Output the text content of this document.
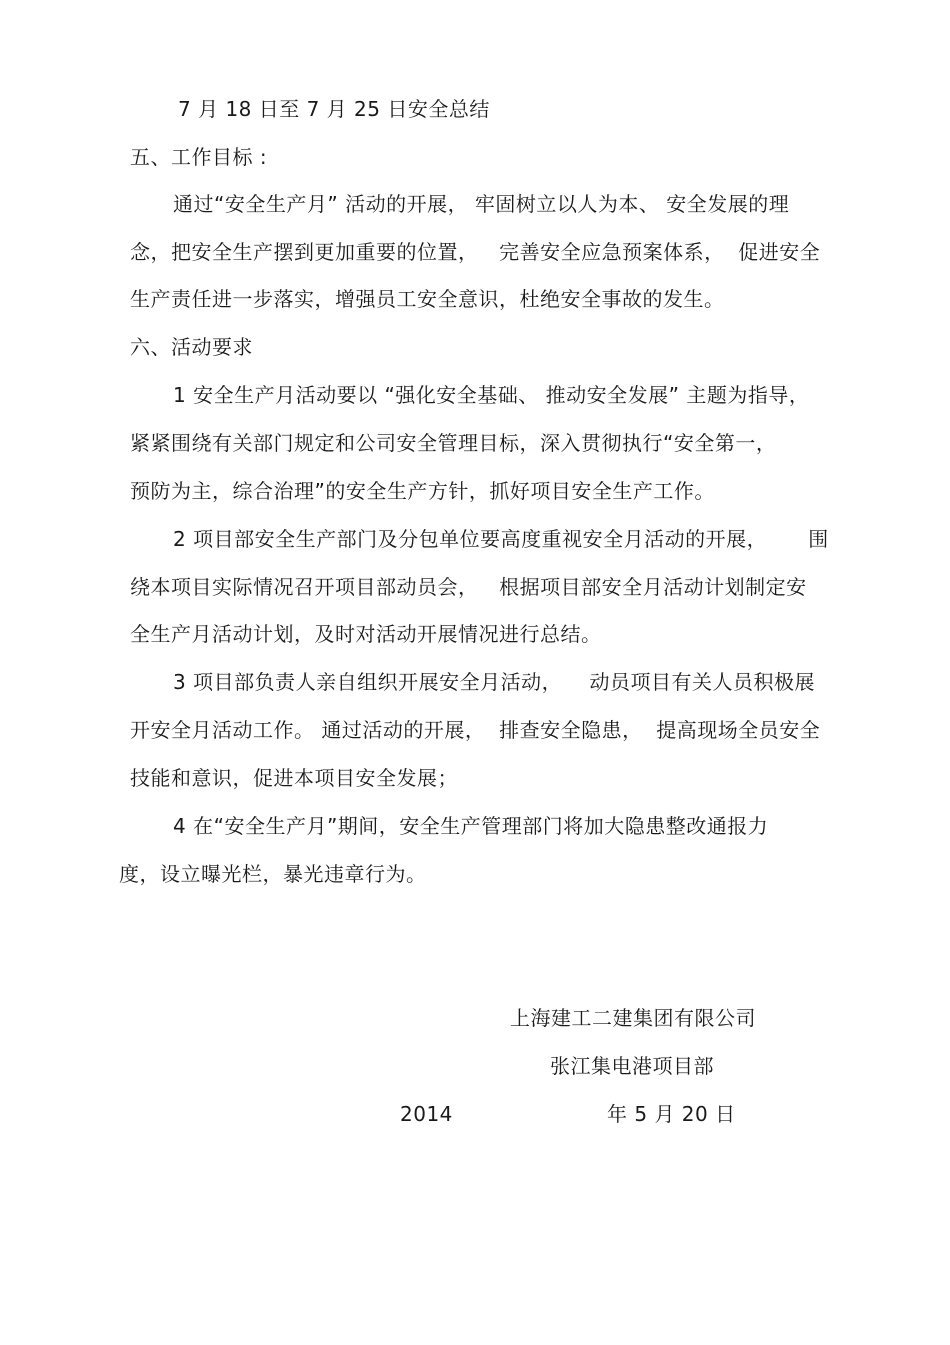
7 月 18 日至 7 月 25 日安全总结
五、工作目标 :
通过“安全生产月” 活动的开展， 牢固树立以人为本、 安全发展的理
念，把安全生产摆到更加重要的位置，   完善安全应急预案体系，  促进安全
生产责任进一步落实，增强员工安全意识，杜绝安全事故的发生。
六、活动要求
1 安全生产月活动要以 “强化安全基础、 推动安全发展” 主题为指导，
紧紧围绕有关部门规定和公司安全管理目标，深入贯彻执行“安全第一，
预防为主，综合治理”的安全生产方针，抓好项目安全生产工作。
2 项目部安全生产部门及分包单位要高度重视安全月活动的开展，      围
绕本项目实际情况召开项目部动员会，   根据项目部安全月活动计划制定安
全生产月活动计划，及时对活动开展情况进行总结。
3 项目部负责人亲自组织开展安全月活动，    动员项目有关人员积极展
开安全月活动工作。 通过活动的开展，  排查安全隐患，  提高现场全员安全
技能和意识，促进本项目安全发展；
4 在“安全生产月”期间，安全生产管理部门将加大隐患整改通报力
度，设立曝光栏，暴光违章行为。
上海建工二建集团有限公司
张江集电港项目部
2014	年 5 月 20 日
